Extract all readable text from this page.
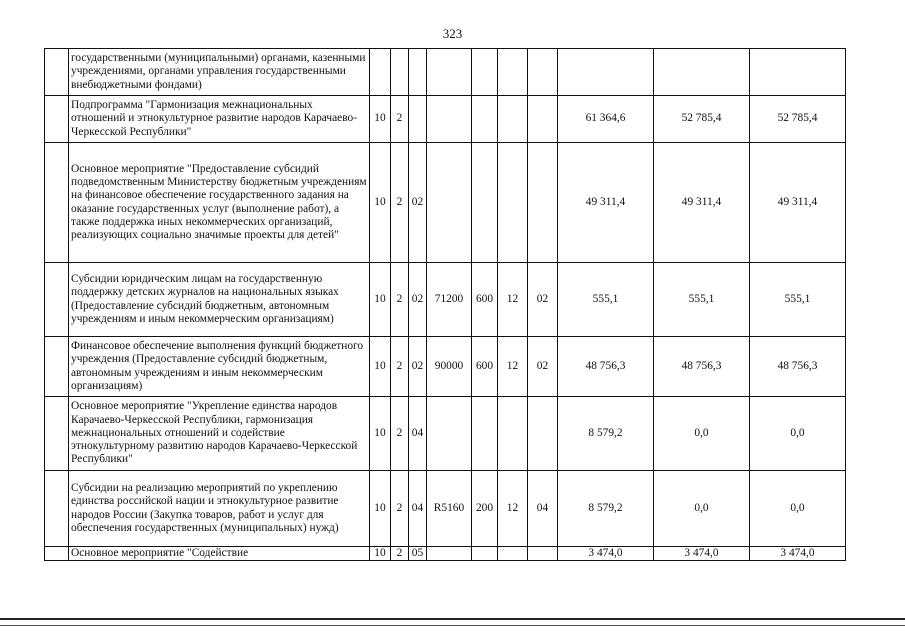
323
	государственными (муниципальными) органами, казенными учреждениями, органами управления государственными внебюджетными фондами)										
	Подпрограмма "Гармонизация межнациональных отношений и этнокультурное развитие народов Карачаево-Черкесской Республики"	10	2						61 364,6	52 785,4	52 785,4
	Основное мероприятие "Предоставление субсидий подведомственным Министерству бюджетным учреждениям на финансовое обеспечение государственного задания на оказание государственных услуг (выполнение работ), а также поддержка иных некоммерческих организаций, реализующих социально значимые проекты для детей"	10	2	02					49 311,4	49 311,4	49 311,4
	Субсидии юридическим лицам на государственную поддержку детских журналов на национальных языках (Предоставление субсидий бюджетным, автономным учреждениям и иным некоммерческим организациям)	10	2	02	71200	600	12	02	555,1	555,1	555,1
	Финансовое обеспечение выполнения функций бюджетного учреждения (Предоставление субсидий бюджетным, автономным учреждениям и иным некоммерческим организациям)	10	2	02	90000	600	12	02	48 756,3	48 756,3	48 756,3
	Основное мероприятие "Укрепление единства народов Карачаево-Черкесской Республики, гармонизация межнациональных отношений и содействие этнокультурному развитию народов Карачаево-Черкесской Республики"	10	2	04					8 579,2	0,0	0,0
	Субсидии на реализацию мероприятий по укреплению единства российской нации и этнокультурное развитие народов России (Закупка товаров, работ и услуг для обеспечения государственных (муниципальных) нужд)	10	2	04	R5160	200	12	04	8 579,2	0,0	0,0
	Основное мероприятие "Содействие	10	2	05					3 474,0	3 474,0	3 474,0
